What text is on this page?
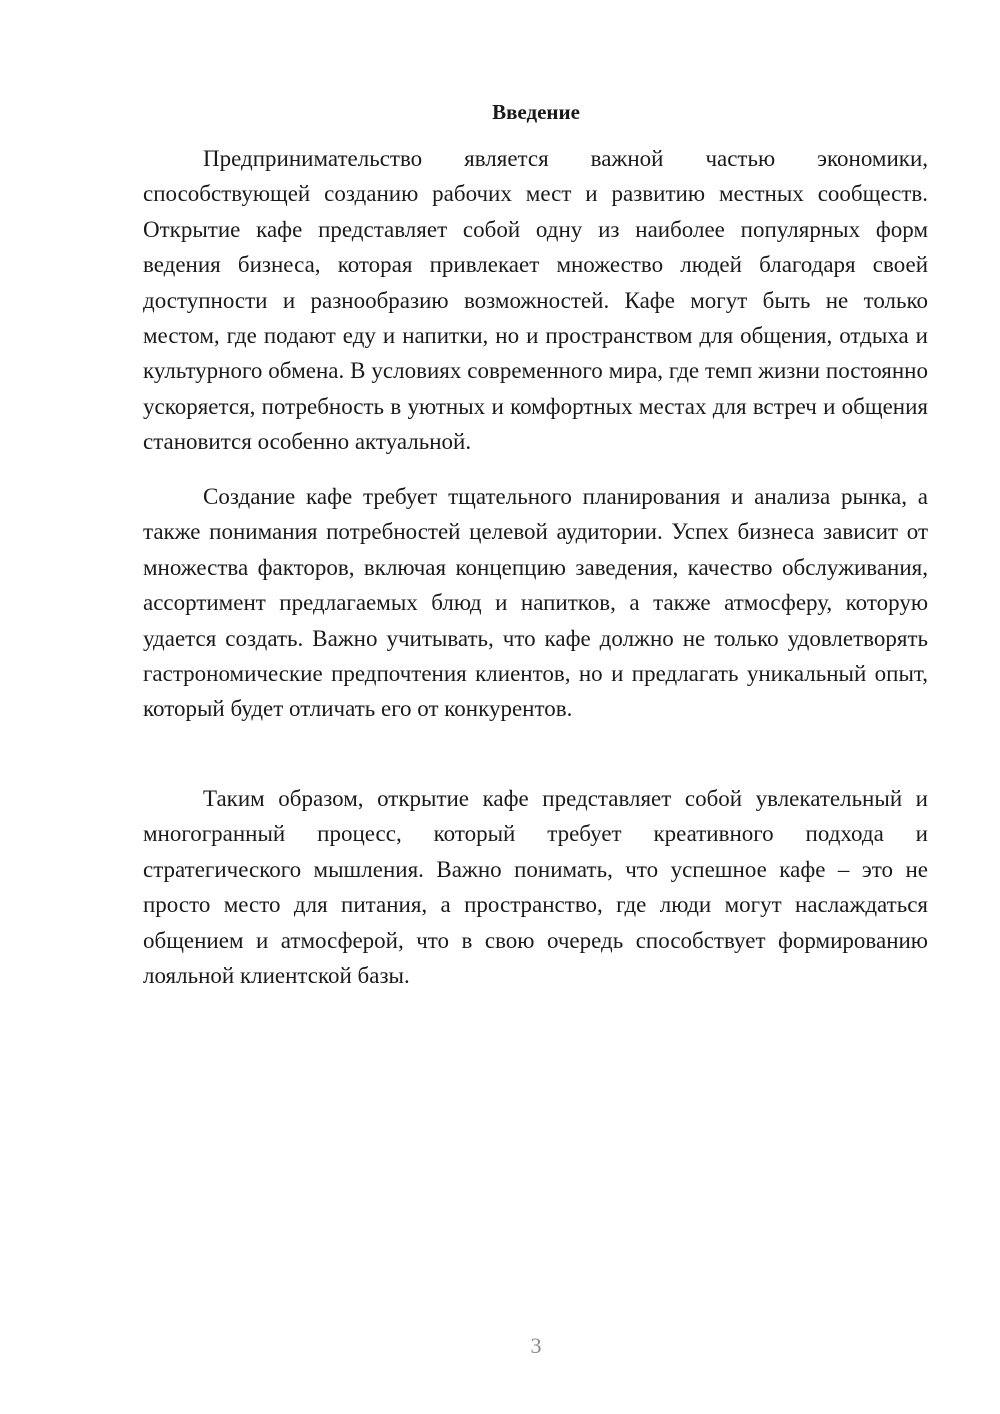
Введение

Предпринимательство является важной частью экономики, способствующей созданию рабочих мест и развитию местных сообществ. Открытие кафе представляет собой одну из наиболее популярных форм ведения бизнеса, которая привлекает множество людей благодаря своей доступности и разнообразию возможностей. Кафе могут быть не только местом, где подают еду и напитки, но и пространством для общения, отдыха и культурного обмена. В условиях современного мира, где темп жизни постоянно ускоряется, потребность в уютных и комфортных местах для встреч и общения становится особенно актуальной.

Создание кафе требует тщательного планирования и анализа рынка, а также понимания потребностей целевой аудитории. Успех бизнеса зависит от множества факторов, включая концепцию заведения, качество обслуживания, ассортимент предлагаемых блюд и напитков, а также атмосферу, которую удается создать. Важно учитывать, что кафе должно не только удовлетворять гастрономические предпочтения клиентов, но и предлагать уникальный опыт, который будет отличать его от конкурентов.

Таким образом, открытие кафе представляет собой увлекательный и многогранный процесс, который требует креативного подхода и стратегического мышления. Важно понимать, что успешное кафе – это не просто место для питания, а пространство, где люди могут наслаждаться общением и атмосферой, что в свою очередь способствует формированию лояльной клиентской базы.

3
